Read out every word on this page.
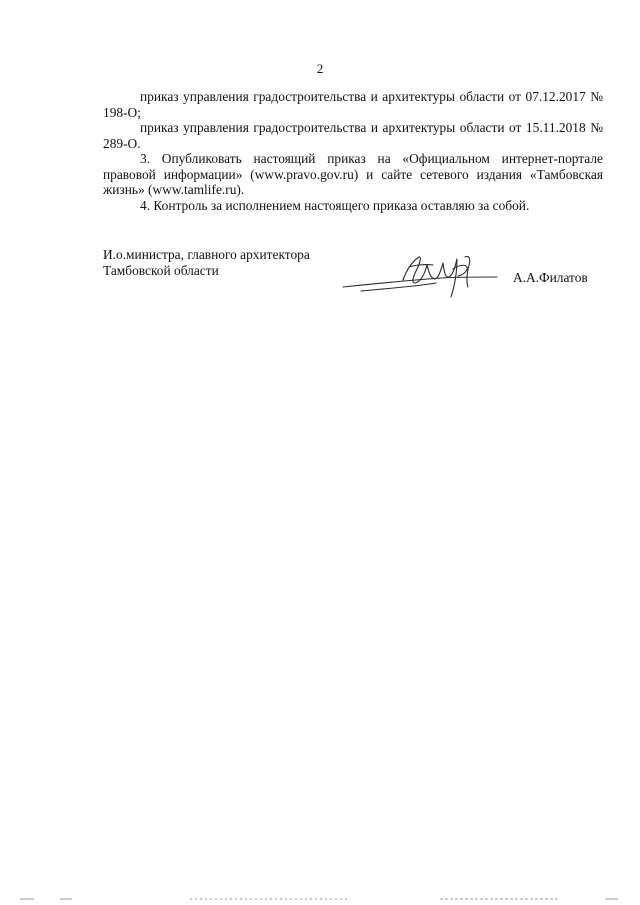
2

приказ управления градостроительства и архитектуры области от 07.12.2017 № 198-О;

приказ управления градостроительства и архитектуры области от 15.11.2018 № 289-О.

3. Опубликовать настоящий приказ на «Официальном интернет-портале правовой информации» (www.pravo.gov.ru) и сайте сетевого издания «Тамбовская жизнь» (www.tamlife.ru).

4. Контроль за исполнением настоящего приказа оставляю за собой.

И.о.министра, главного архитектора

Тамбовской области	А.А.Филатов
